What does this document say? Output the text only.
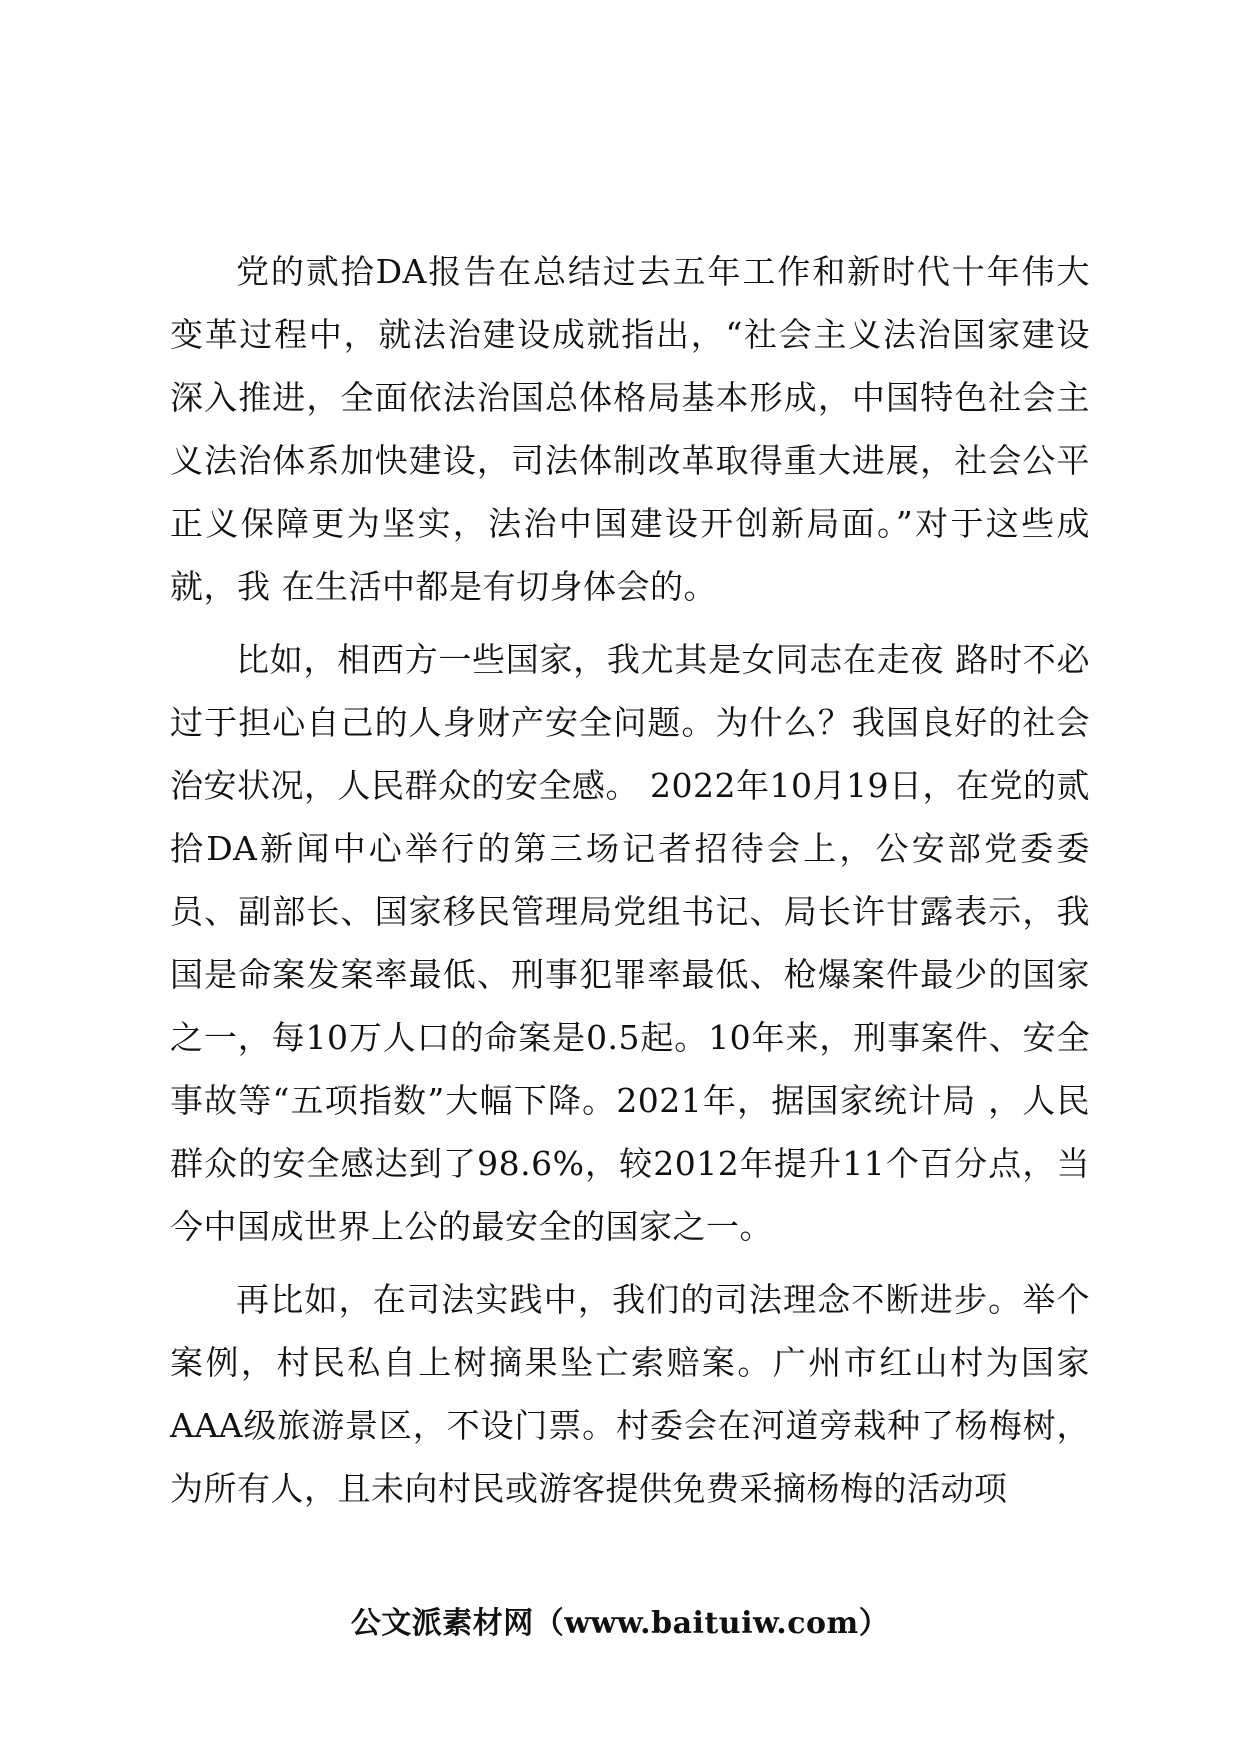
党的贰拾DA报告在总结过去五年工作和新时代十年伟大变革过程中，就法治建设成就指出，“社会主义法治国家建设深入推进，全面依法治国总体格局基本形成，中国特色社会主义法治体系加快建设，司法体制改革取得重大进展，社会公平正义保障更为坚实，法治中国建设开创新局面。”对于这些成就，我 在生活中都是有切身体会的。

比如，相西方一些国家，我尤其是女同志在走夜 路时不必过于担心自己的人身财产安全问题。为什么？我国良好的社会治安状况，人民群众的安全感。 2022年10月19日，在党的贰拾DA新闻中心举行的第三场记者招待会上，公安部党委委员、副部长、国家移民管理局党组书记、局长许甘露表示，我国是命案发案率最低、刑事犯罪率最低、枪爆案件最少的国家之一，每10万人口的命案是0.5起。10年来，刑事案件、安全事故等“五项指数”大幅下降。2021年，据国家统计局 ，人民群众的安全感达到了98.6%，较2012年提升11个百分点，当今中国成世界上公的最安全的国家之一。

再比如，在司法实践中，我们的司法理念不断进步。举个案例，村民私自上树摘果坠亡索赔案。广州市红山村为国家AAA级旅游景区，不设门票。村委会在河道旁栽种了杨梅树，为所有人，且未向村民或游客提供免费采摘杨梅的活动项

公文派素材网（www.baituiw.com）
